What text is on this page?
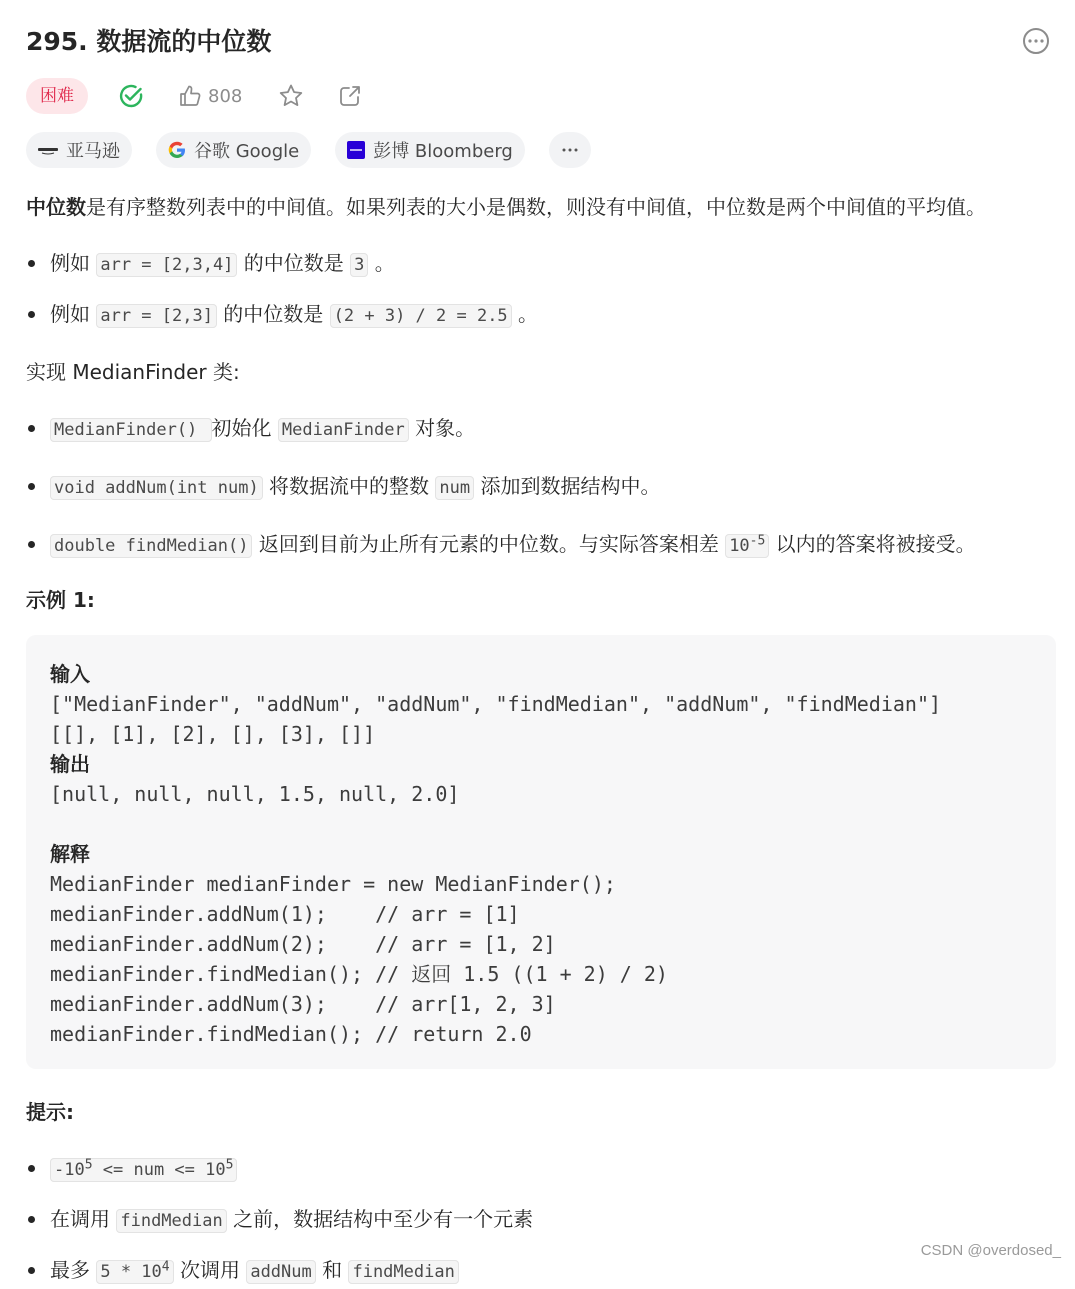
295. 数据流的中位数
困难	808
亚马逊	谷歌 Google	彭博 Bloomberg

中位数是有序整数列表中的中间值。如果列表的大小是偶数，则没有中间值，中位数是两个中间值的平均值。

例如 arr = [2,3,4] 的中位数是 3 。
例如 arr = [2,3] 的中位数是 (2 + 3) / 2 = 2.5 。

实现 MedianFinder 类:

MedianFinder() 初始化 MedianFinder 对象。
void addNum(int num) 将数据流中的整数 num 添加到数据结构中。
double findMedian() 返回到目前为止所有元素的中位数。与实际答案相差 $10^{-5}$ 以内的答案将被接受。

示例 1:

输入
["MedianFinder", "addNum", "addNum", "findMedian", "addNum", "findMedian"]
[[], [1], [2], [], [3], []]
输出
[null, null, null, 1.5, null, 2.0]
解释
MedianFinder medianFinder = new MedianFinder();
medianFinder.addNum(1);    // arr = [1]
medianFinder.addNum(2);    // arr = [1, 2]
medianFinder.findMedian(); // 返回 1.5 ((1 + 2) / 2)
medianFinder.addNum(3);    // arr[1, 2, 3]
medianFinder.findMedian(); // return 2.0

提示:

$-10^5$ <= num <= $10^5$
在调用 findMedian 之前，数据结构中至少有一个元素
最多 $5 * 10^4$ 次调用 addNum 和 findMedian
CSDN @overdosed_
